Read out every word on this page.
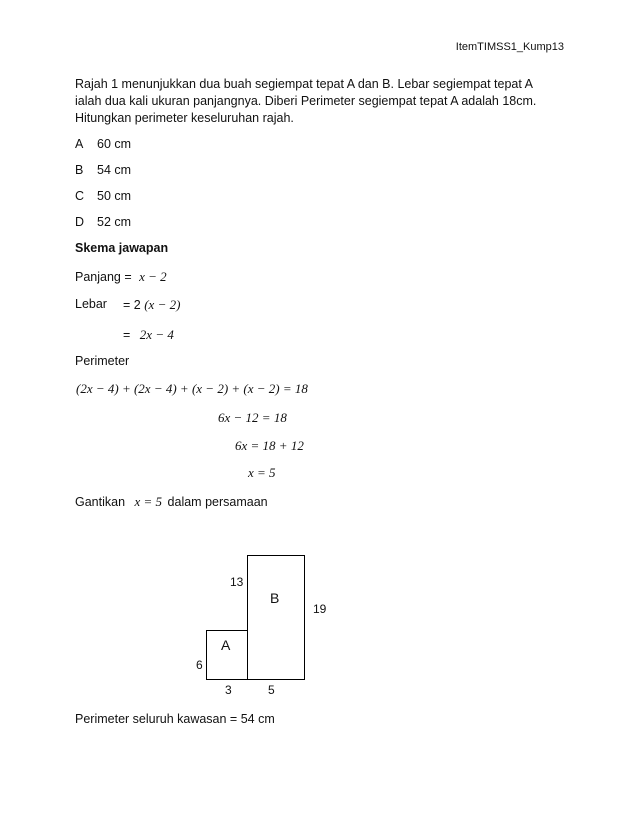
ItemTIMSS1_Kump13
Rajah 1 menunjukkan dua buah segiempat tepat A dan B. Lebar segiempat tepat A
ialah dua kali ukuran panjangnya. Diberi Perimeter segiempat tepat A adalah 18cm.
Hitungkan perimeter keseluruhan rajah.
A 60 cm
B 54 cm
C 50 cm
D 52 cm
Skema jawapan
Panjang = x − 2
Lebar = 2 (x − 2)
= 2x − 4
Perimeter
(2x − 4) + (2x − 4) + (x − 2) + (x − 2) = 18
6x − 12 = 18
6x = 18 + 12
x = 5
Gantikan x = 5 dalam persamaan
A
B
13
19
6
3	5
Perimeter seluruh kawasan = 54 cm
